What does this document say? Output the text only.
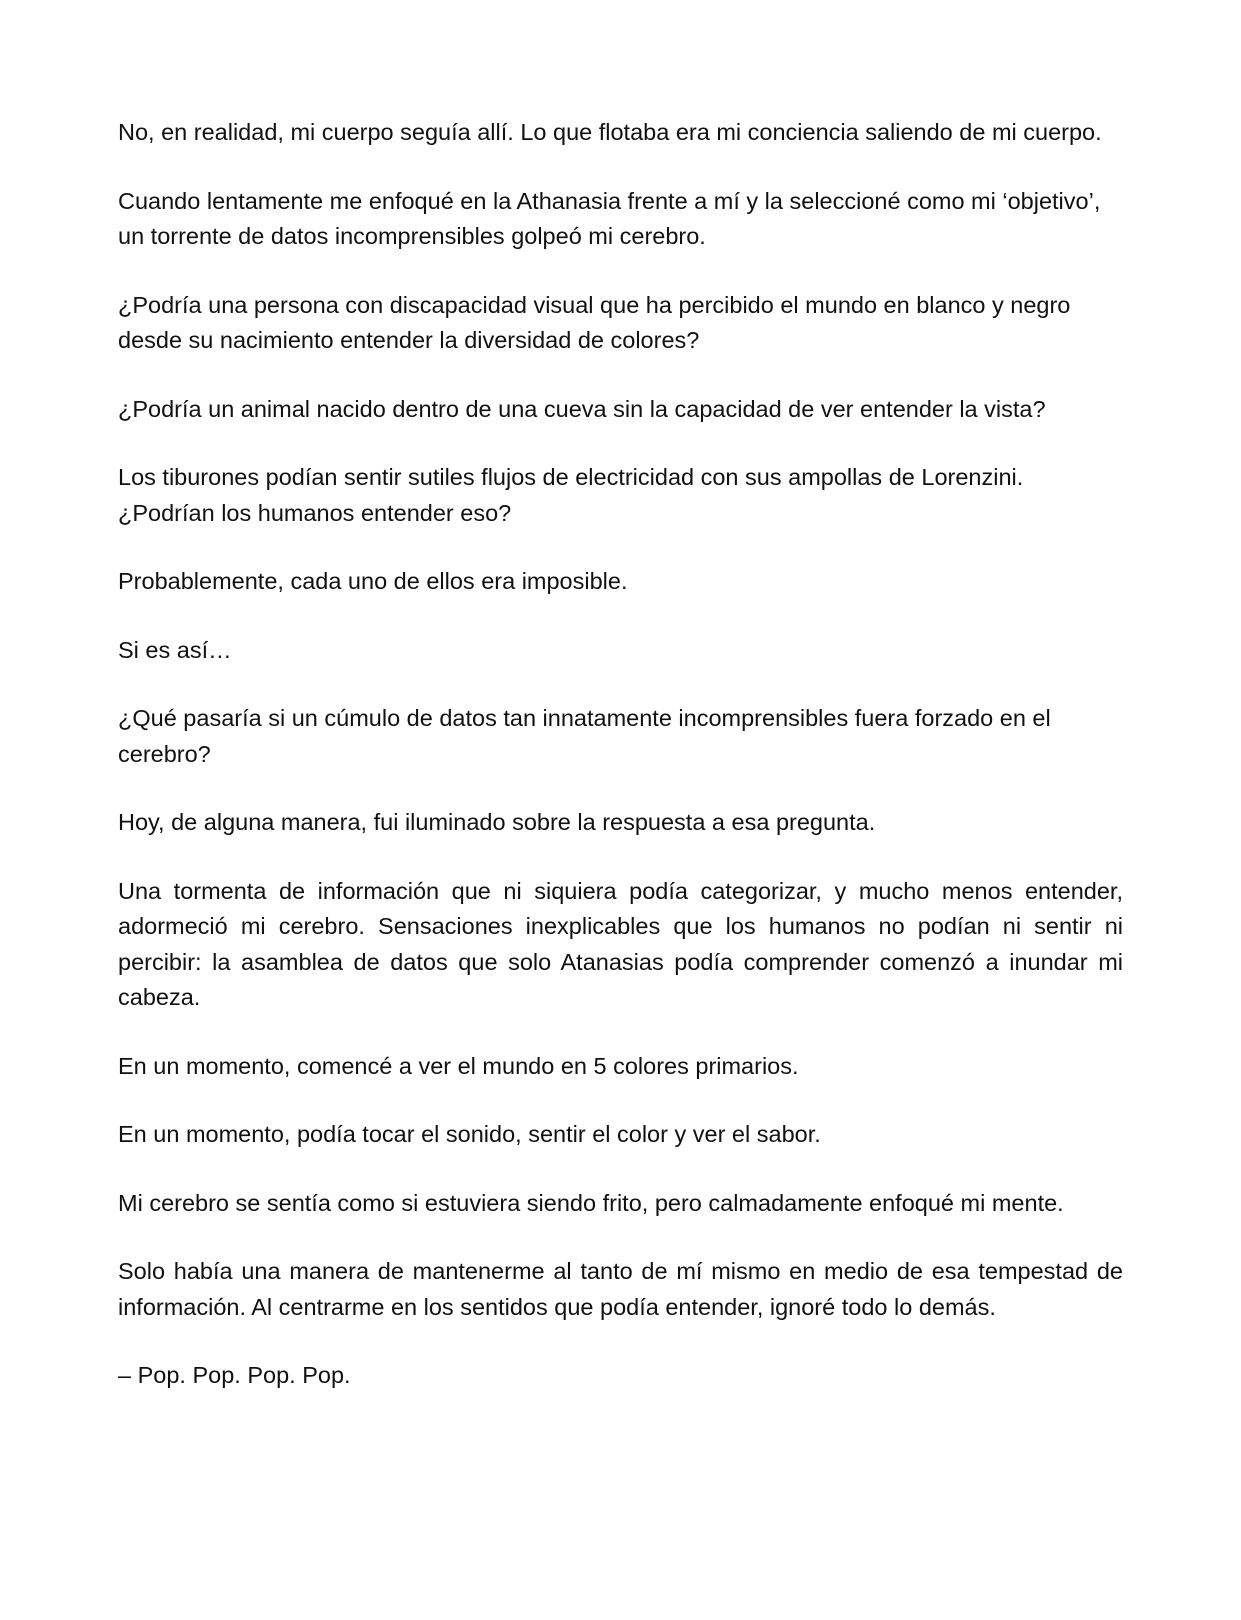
No, en realidad, mi cuerpo seguía allí. Lo que flotaba era mi conciencia saliendo de mi cuerpo.

Cuando lentamente me enfoqué en la Athanasia frente a mí y la seleccioné como mi ‘objetivo’, un torrente de datos incomprensibles golpeó mi cerebro.

¿Podría una persona con discapacidad visual que ha percibido el mundo en blanco y negro desde su nacimiento entender la diversidad de colores?

¿Podría un animal nacido dentro de una cueva sin la capacidad de ver entender la vista?

Los tiburones podían sentir sutiles flujos de electricidad con sus ampollas de Lorenzini. ¿Podrían los humanos entender eso?

Probablemente, cada uno de ellos era imposible.

Si es así…

¿Qué pasaría si un cúmulo de datos tan innatamente incomprensibles fuera forzado en el cerebro?

Hoy, de alguna manera, fui iluminado sobre la respuesta a esa pregunta.

Una tormenta de información que ni siquiera podía categorizar, y mucho menos entender, adormeció mi cerebro. Sensaciones inexplicables que los humanos no podían ni sentir ni percibir: la asamblea de datos que solo Atanasias podía comprender comenzó a inundar mi cabeza.

En un momento, comencé a ver el mundo en 5 colores primarios.

En un momento, podía tocar el sonido, sentir el color y ver el sabor.

Mi cerebro se sentía como si estuviera siendo frito, pero calmadamente enfoqué mi mente.

Solo había una manera de mantenerme al tanto de mí mismo en medio de esa tempestad de información. Al centrarme en los sentidos que podía entender, ignoré todo lo demás.

– Pop. Pop. Pop. Pop.
